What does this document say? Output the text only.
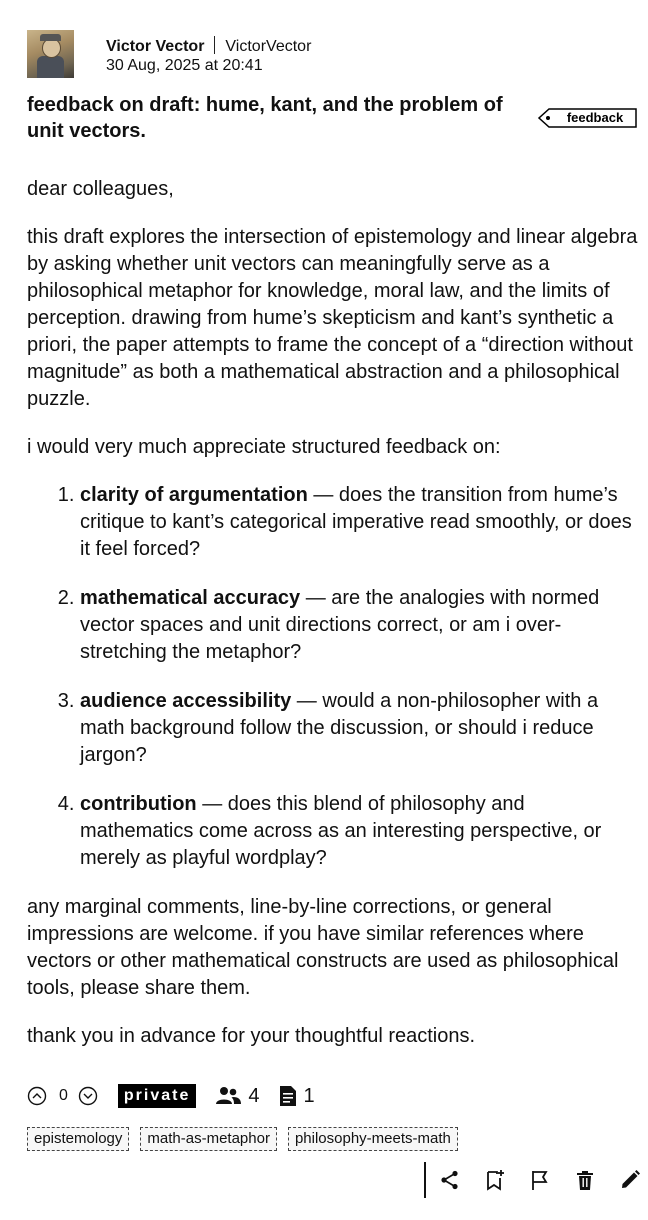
Victor Vector VictorVector
30 Aug, 2025 at 20:41
feedback on draft: hume, kant, and the problem of unit vectors.
feedback

dear colleagues,

this draft explores the intersection of epistemology and linear algebra by asking whether unit vectors can meaningfully serve as a philosophical metaphor for knowledge, moral law, and the limits of perception. drawing from hume’s skepticism and kant’s synthetic a priori, the paper attempts to frame the concept of a “direction without magnitude” as both a mathematical abstraction and a philosophical puzzle.

i would very much appreciate structured feedback on:

1. clarity of argumentation — does the transition from hume’s critique to kant’s categorical imperative read smoothly, or does it feel forced?
2. mathematical accuracy — are the analogies with normed vector spaces and unit directions correct, or am i over-stretching the metaphor?
3. audience accessibility — would a non-philosopher with a math background follow the discussion, or should i reduce jargon?
4. contribution — does this blend of philosophy and mathematics come across as an interesting perspective, or merely as playful wordplay?

any marginal comments, line-by-line corrections, or general impressions are welcome. if you have similar references where vectors or other mathematical constructs are used as philosophical tools, please share them.

thank you in advance for your thoughtful reactions.

0	private	4 1
epistemology	math-as-metaphor	philosophy-meets-math
